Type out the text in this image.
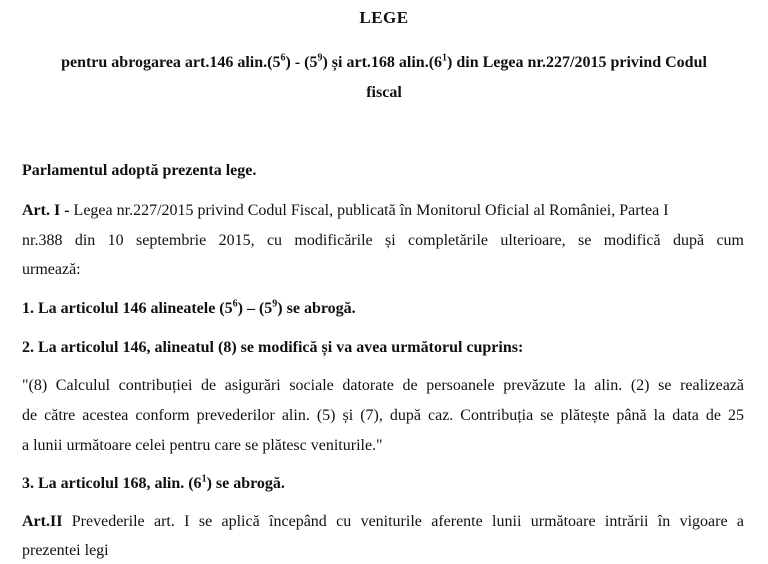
LEGE
pentru abrogarea art.146 $alin.(5^6) - (5^9)$ și art.168 $alin.(6^1)$ din Legea nr.227/2015 privind Codul
fiscal
Parlamentul adoptă prezenta lege.
Art. I - Legea nr.227/2015 privind Codul Fiscal, publicată în Monitorul Oficial al României, Partea I
nr.388 din 10 septembrie 2015, cu modificările și completările ulterioare, se modifică după cum
urmează:
1. La articolul 146 alineatele $(5^6) - (5^9)$ se abrogă.
2. La articolul 146, alineatul (8) se modifică și va avea următorul cuprins:
"(8) Calculul contribuției de asigurări sociale datorate de persoanele prevăzute la alin. (2) se realizează
de către acestea conform prevederilor alin. (5) și (7), după caz. Contribuția se plătește până la data de 25
a lunii următoare celei pentru care se plătesc veniturile."
3. La articolul 168, alin. $(6^1)$ se abrogă.
Art.II Prevederile art. I se aplică începând cu veniturile aferente lunii următoare intrării în vigoare a
prezentei legi
